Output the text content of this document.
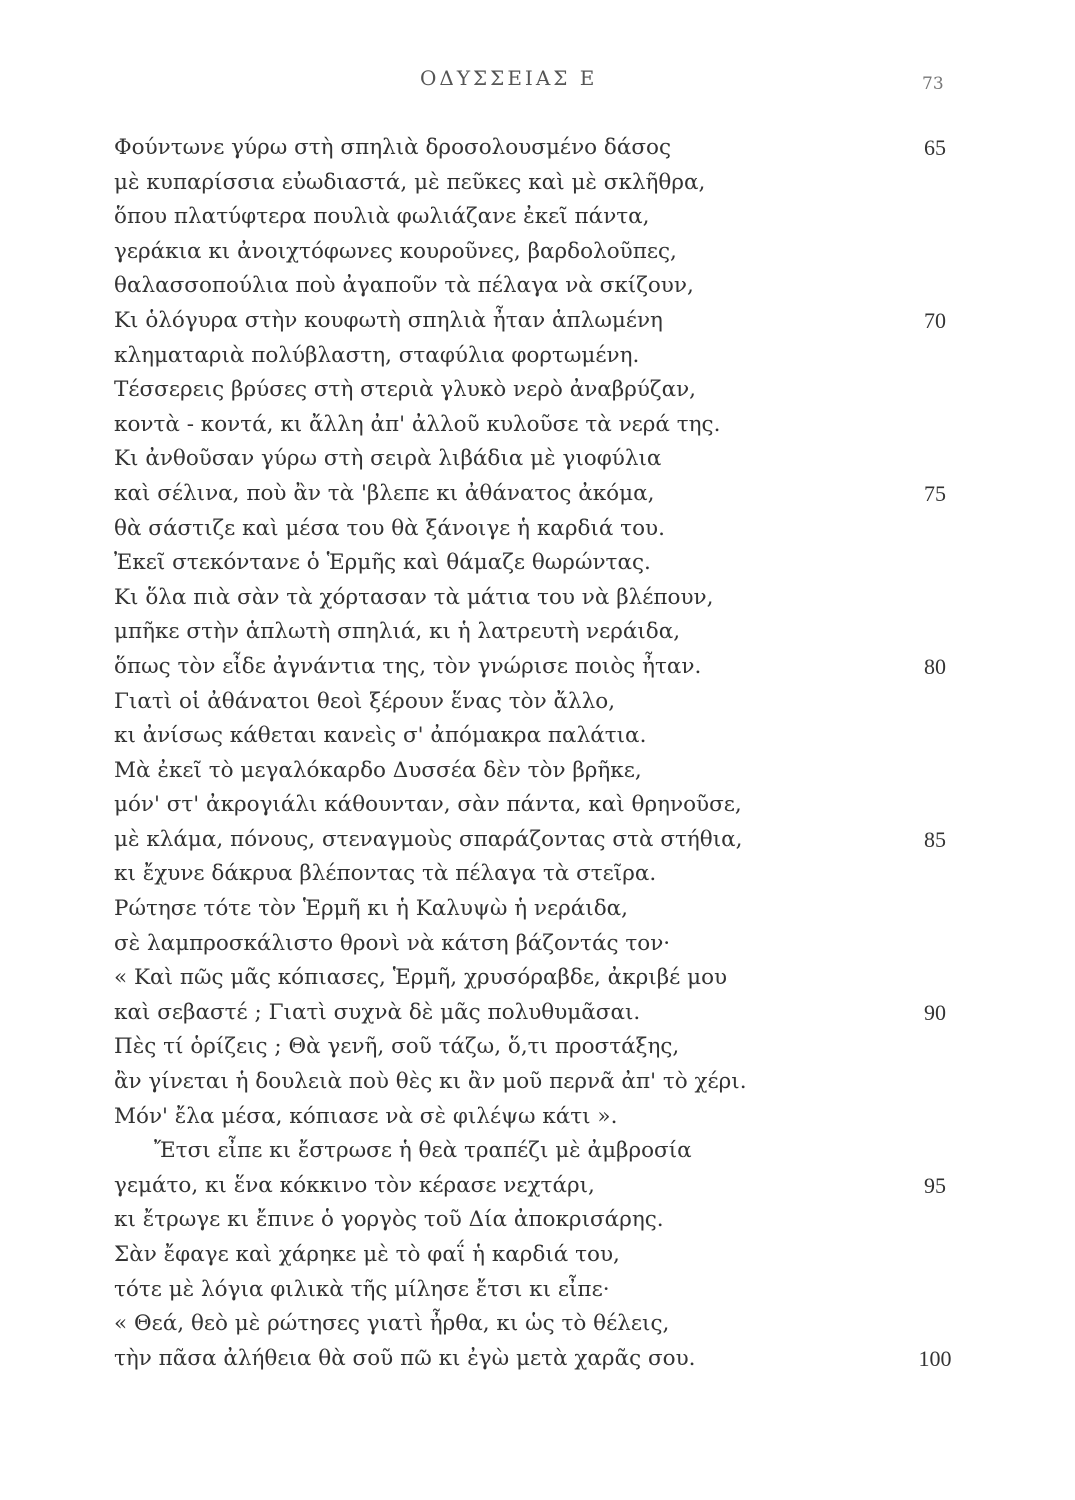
ΟΔΥΣΣΕΙΑΣ Ε	73
Φούντωνε γύρω στὴ σπηλιὰ δροσολουσμένο δάσος	65
μὲ κυπαρίσσια εὐωδιαστά, μὲ πεῦκες καὶ μὲ σκλῆθρα,
ὅπου πλατύφτερα πουλιὰ φωλιάζανε ἐκεῖ πάντα,
γεράκια κι ἀνοιχτόφωνες κουροῦνες, βαρδολοῦπες,
θαλασσοπούλια ποὺ ἀγαποῦν τὰ πέλαγα νὰ σκίζουν,
Κι ὁλόγυρα στὴν κουφωτὴ σπηλιὰ ἦταν ἁπλωμένη	70
κληματαριὰ πολύβλαστη, σταφύλια φορτωμένη.
Τέσσερεις βρύσες στὴ στεριὰ γλυκὸ νερὸ ἀναβρύζαν,
κοντὰ - κοντά, κι ἄλλη ἀπ' ἀλλοῦ κυλοῦσε τὰ νερά της.
Κι ἀνθοῦσαν γύρω στὴ σειρὰ λιβάδια μὲ γιοφύλια
καὶ σέλινα, ποὺ ἂν τὰ 'βλεπε κι ἀθάνατος ἀκόμα,	75
θὰ σάστιζε καὶ μέσα του θὰ ξάνοιγε ἡ καρδιά του.
Ἐκεῖ στεκόντανε ὁ Ἑρμῆς καὶ θάμαζε θωρώντας.
Κι ὅλα πιὰ σὰν τὰ χόρτασαν τὰ μάτια του νὰ βλέπουν,
μπῆκε στὴν ἁπλωτὴ σπηλιά, κι ἡ λατρευτὴ νεράιδα,
ὅπως τὸν εἶδε ἀγνάντια της, τὸν γνώρισε ποιὸς ἦταν.	80
Γιατὶ οἱ ἀθάνατοι θεοὶ ξέρουν ἕνας τὸν ἄλλο,
κι ἀνίσως κάθεται κανεὶς σ' ἀπόμακρα παλάτια.
Μὰ ἐκεῖ τὸ μεγαλόκαρδο Δυσσέα δὲν τὸν βρῆκε,
μόν' στ' ἀκρογιάλι κάθουνταν, σὰν πάντα, καὶ θρηνοῦσε,
μὲ κλάμα, πόνους, στεναγμοὺς σπαράζοντας στὰ στήθια,	85
κι ἔχυνε δάκρυα βλέποντας τὰ πέλαγα τὰ στεῖρα.
Ρώτησε τότε τὸν Ἑρμῆ κι ἡ Καλυψὼ ἡ νεράιδα,
σὲ λαμπροσκάλιστο θρονὶ νὰ κάτση βάζοντάς τον·
« Καὶ πῶς μᾶς κόπιασες, Ἑρμῆ, χρυσόραβδε, ἀκριβέ μου
καὶ σεβαστέ ; Γιατὶ συχνὰ δὲ μᾶς πολυθυμᾶσαι.	90
Πὲς τί ὁρίζεις ; Θὰ γενῆ, σοῦ τάζω, ὅ,τι προστάξης,
ἂν γίνεται ἡ δουλειὰ ποὺ θὲς κι ἂν μοῦ περνᾶ ἀπ' τὸ χέρι.
Μόν' ἔλα μέσα, κόπιασε νὰ σὲ φιλέψω κάτι ».
Ἔτσι εἶπε κι ἔστρωσε ἡ θεὰ τραπέζι μὲ ἀμβροσία
γεμάτο, κι ἕνα κόκκινο τὸν κέρασε νεχτάρι,	95
κι ἔτρωγε κι ἔπινε ὁ γοργὸς τοῦ Δία ἀποκρισάρης.
Σὰν ἔφαγε καὶ χάρηκε μὲ τὸ φαΐ ἡ καρδιά του,
τότε μὲ λόγια φιλικὰ τῆς μίλησε ἔτσι κι εἶπε·
« Θεά, θεὸ μὲ ρώτησες γιατὶ ἦρθα, κι ὡς τὸ θέλεις,
τὴν πᾶσα ἀλήθεια θὰ σοῦ πῶ κι ἐγὼ μετὰ χαρᾶς σου.	100
